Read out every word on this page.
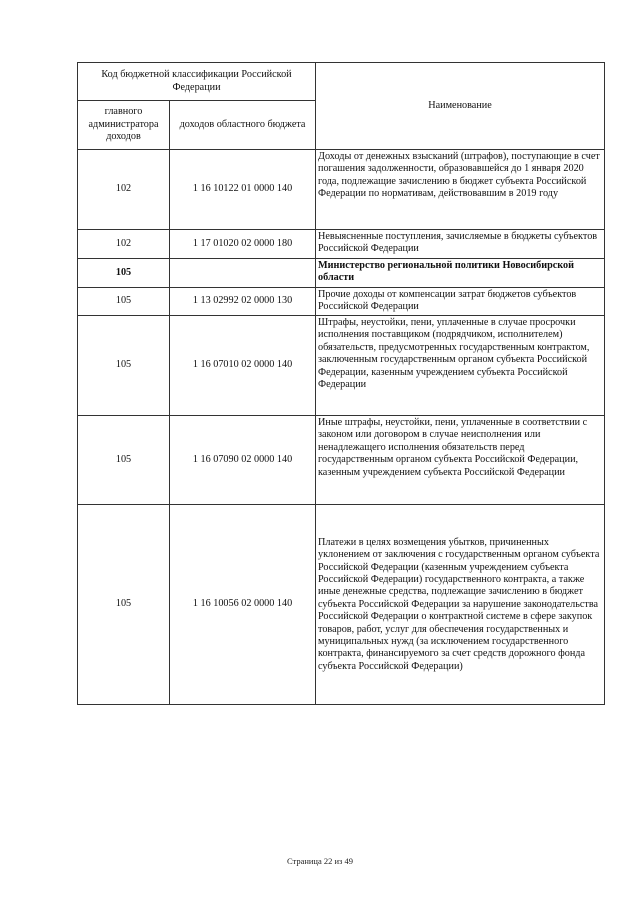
Код бюджетной классификации Российской Федерации		Наименование
главного администратора доходов	доходов областного бюджета	
102	1 16 10122 01 0000 140	Доходы от денежных взысканий (штрафов), поступающие в счет погашения задолженности, образовавшейся до 1 января 2020 года, подлежащие зачислению в бюджет субъекта Российской Федерации по нормативам, действовавшим в 2019 году
102	1 17 01020 02 0000 180	Невыясненные поступления, зачисляемые в бюджеты субъектов Российской Федерации
105		Министерство региональной политики Новосибирской области
105	1 13 02992 02 0000 130	Прочие доходы от компенсации затрат бюджетов субъектов Российской Федерации
105	1 16 07010 02 0000 140	Штрафы, неустойки, пени, уплаченные в случае просрочки исполнения поставщиком (подрядчиком, исполнителем) обязательств, предусмотренных государственным контрактом, заключенным государственным органом субъекта Российской Федерации, казенным учреждением субъекта Российской Федерации
105	1 16 07090 02 0000 140	Иные штрафы, неустойки, пени, уплаченные в соответствии с законом или договором в случае неисполнения или ненадлежащего исполнения обязательств перед государственным органом субъекта Российской Федерации, казенным учреждением субъекта Российской Федерации
105	1 16 10056 02 0000 140	Платежи в целях возмещения убытков, причиненных уклонением от заключения с государственным органом субъекта Российской Федерации (казенным учреждением субъекта Российской Федерации) государственного контракта, а также иные денежные средства, подлежащие зачислению в бюджет субъекта Российской Федерации за нарушение законодательства Российской Федерации о контрактной системе в сфере закупок товаров, работ, услуг для обеспечения государственных и муниципальных нужд (за исключением государственного контракта, финансируемого за счет средств дорожного фонда субъекта Российской Федерации)
Страница 22 из 49
